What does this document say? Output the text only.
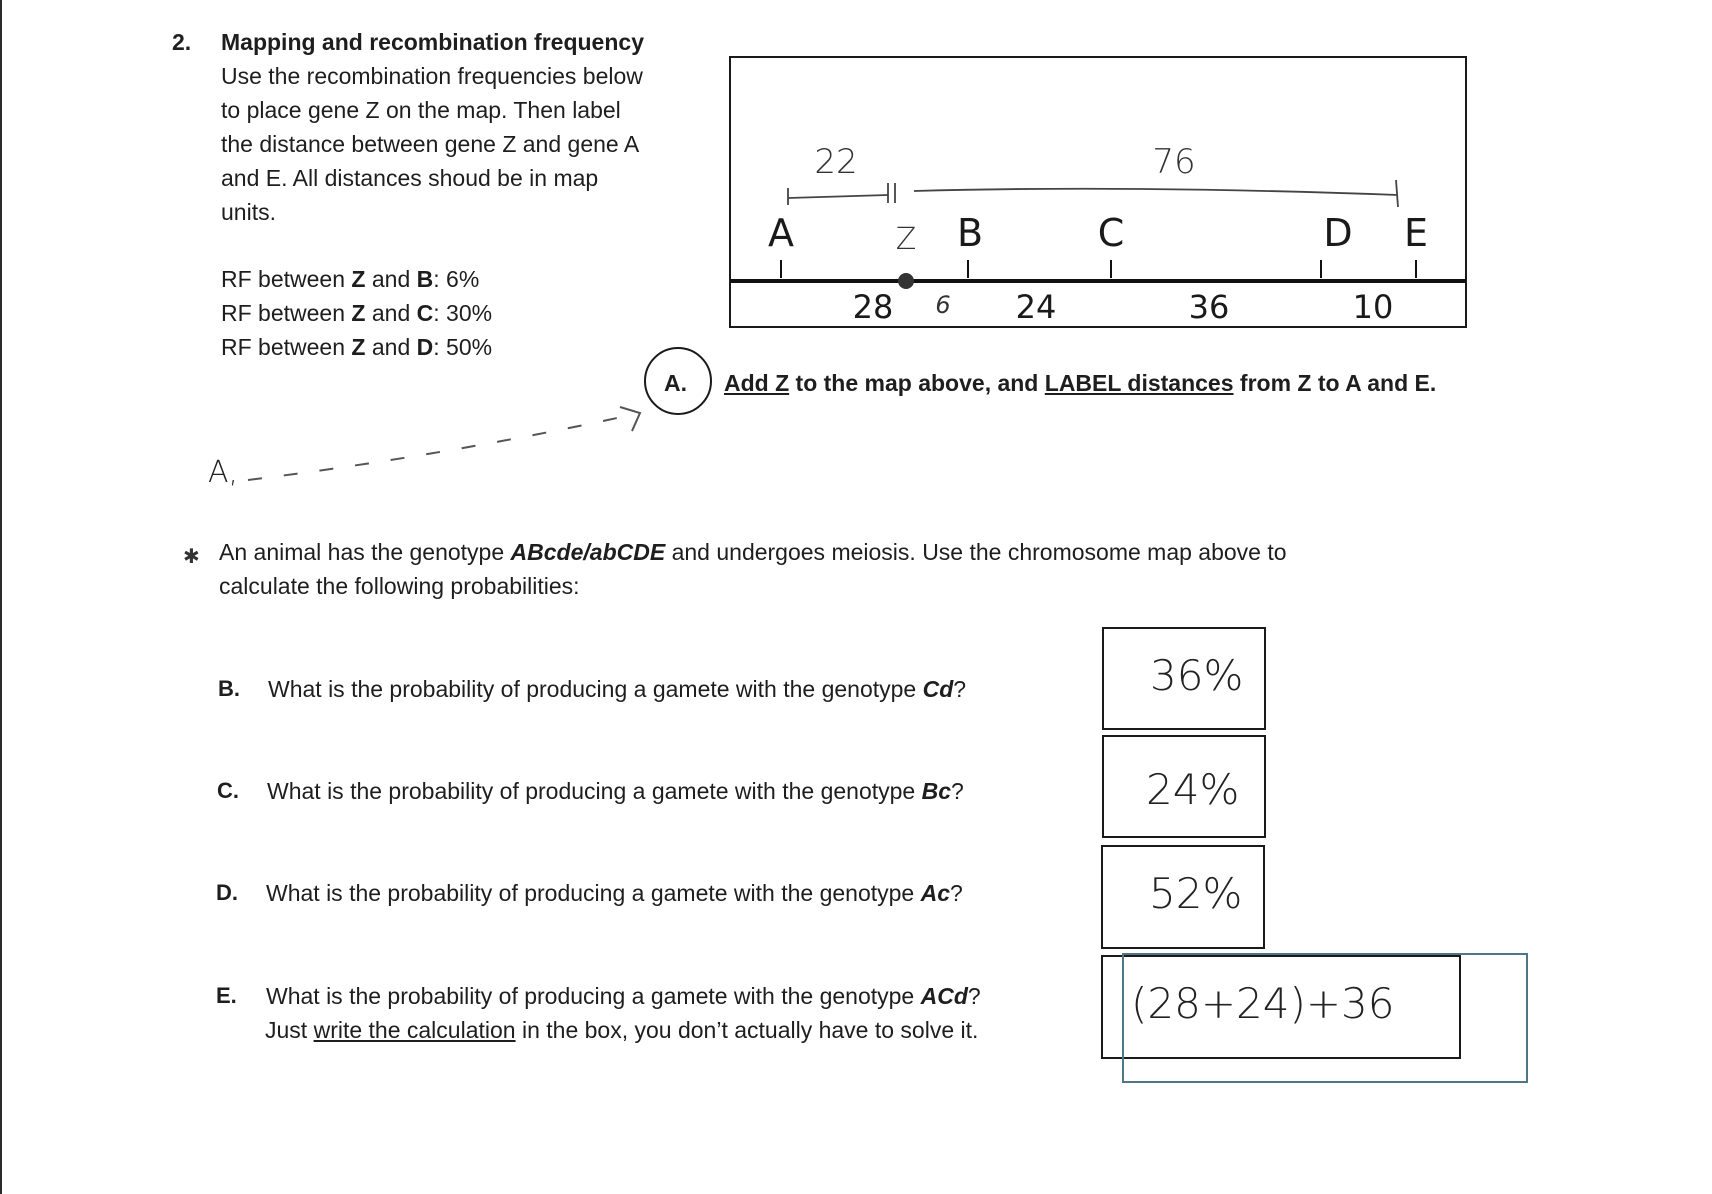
2. Mapping and recombination frequency
Use the recombination frequencies below
to place gene Z on the map. Then label
the distance between gene Z and gene A
and E. All distances shoud be in map
units.
RF between Z and B: 6%
RF between Z and C: 30%
RF between Z and D: 50%
A	B	C	D E
28	24	36	10
Z
22	76
6
A. Add Z to the map above, and LABEL distances from Z to A and E.
A,
✱ An animal has the genotype ABcde/abCDE and undergoes meiosis. Use the chromosome map above to
calculate the following probabilities:
B. What is the probability of producing a gamete with the genotype Cd?	36%
C. What is the probability of producing a gamete with the genotype Bc?	24%
D. What is the probability of producing a gamete with the genotype Ac?	52%
E. What is the probability of producing a gamete with the genotype ACd?
Just write the calculation in the box, you don’t actually have to solve it.
(28+24)+36
